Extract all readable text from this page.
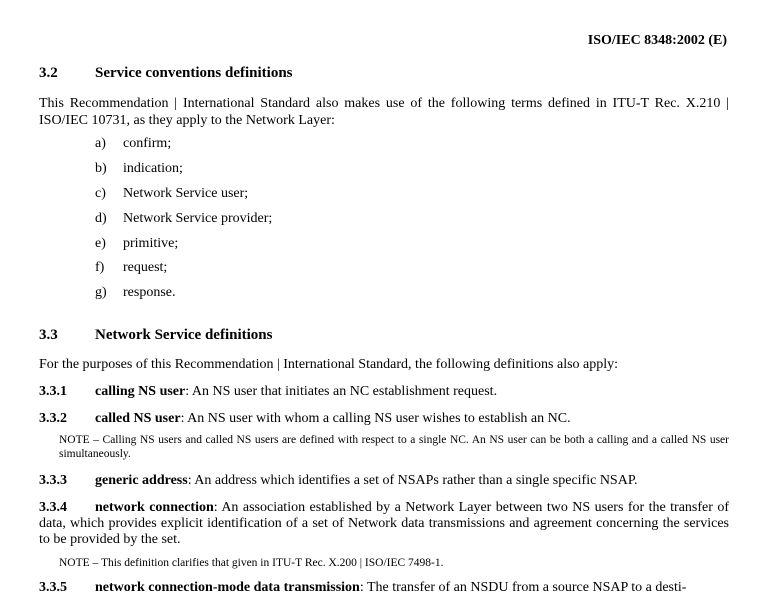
ISO/IEC 8348:2002 (E)
3.2 Service conventions definitions
This Recommendation | International Standard also makes use of the following terms defined in ITU-T Rec. X.210 | ISO/IEC 10731, as they apply to the Network Layer:
a) confirm;
b) indication;
c) Network Service user;
d) Network Service provider;
e) primitive;
f) request;
g) response.
3.3 Network Service definitions
For the purposes of this Recommendation | International Standard, the following definitions also apply:
3.3.1 calling NS user: An NS user that initiates an NC establishment request.
3.3.2 called NS user: An NS user with whom a calling NS user wishes to establish an NC.
NOTE – Calling NS users and called NS users are defined with respect to a single NC. An NS user can be both a calling and a called NS user simultaneously.
3.3.3 generic address: An address which identifies a set of NSAPs rather than a single specific NSAP.
3.3.4 network connection: An association established by a Network Layer between two NS users for the transfer of data, which provides explicit identification of a set of Network data transmissions and agreement concerning the services to be provided by the set.
NOTE – This definition clarifies that given in ITU-T Rec. X.200 | ISO/IEC 7498-1.
3.3.5 network connection-mode data transmission: The transfer of an NSDU from a source NSAP to a desti-
